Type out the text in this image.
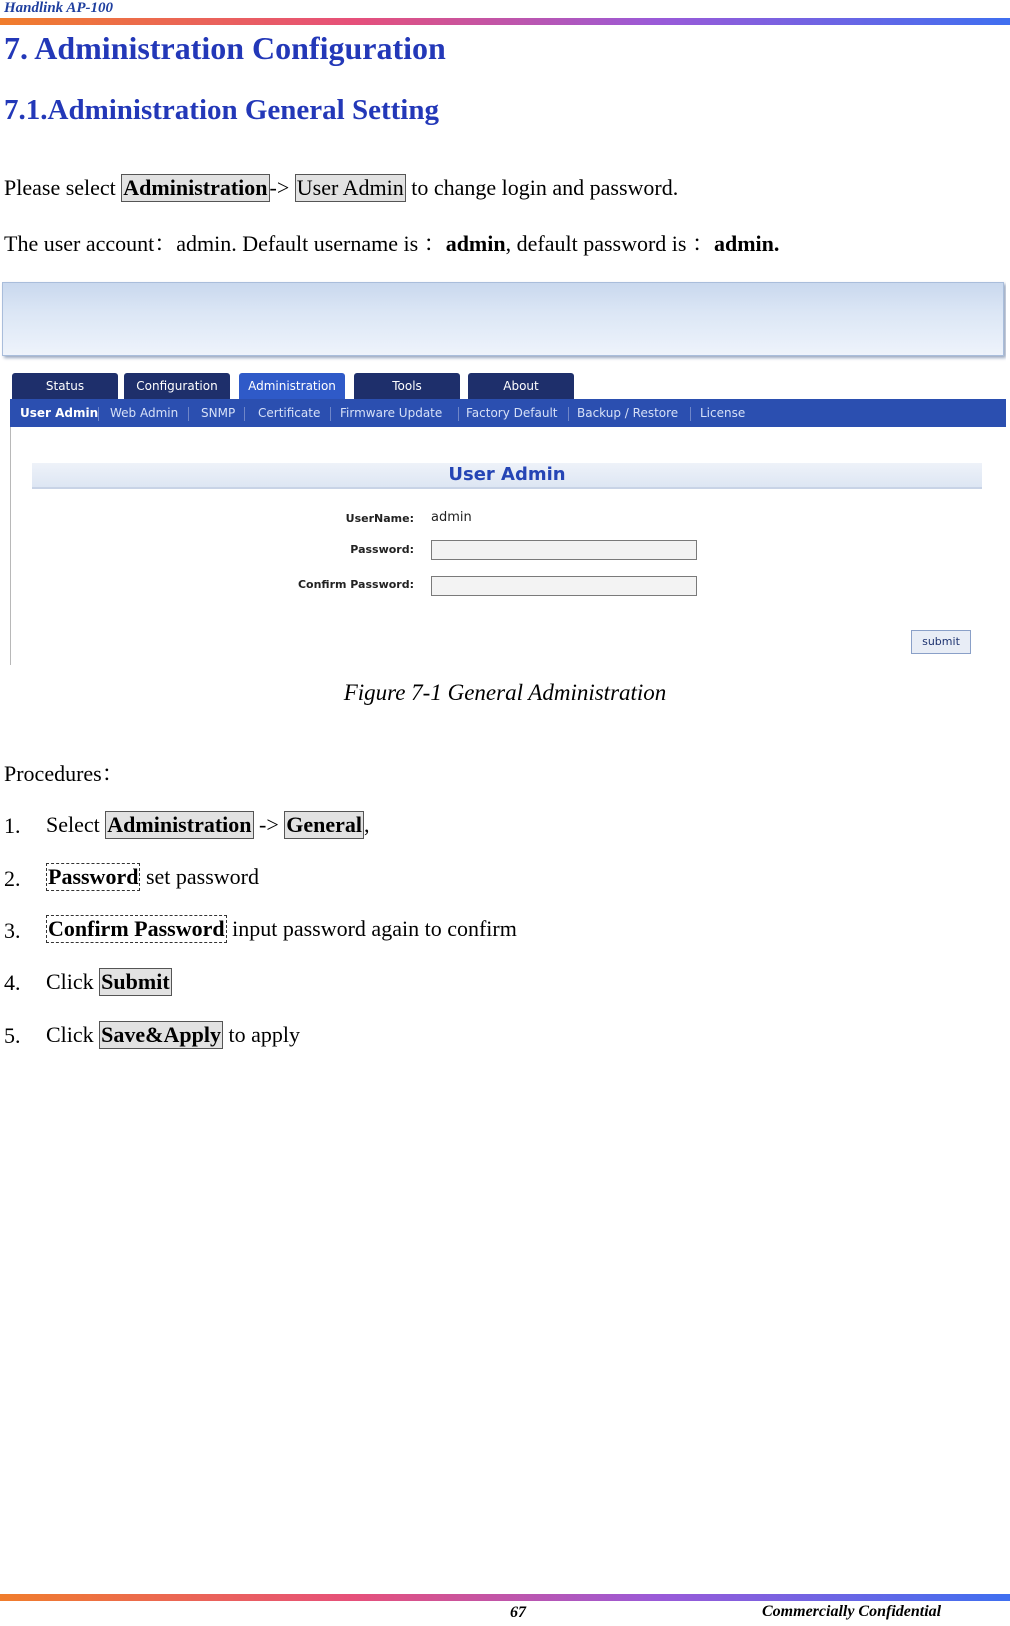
Handlink AP-100
7. Administration Configuration
7.1.Administration General Setting
Please select Administration-> User Admin to change login and password.
The user account：admin. Default username is ：admin, default password is ：admin.
Status	Configuration	Administration	Tools	About
User Admin Web Admin SNMP Certificate Firmware Update Factory Default Backup / Restore License
User Admin
UserName: admin
Password:
Confirm Password:
submit
Figure 7-1 General Administration
Procedures：
1. Select Administration -> General,
2. Password set password
3. Confirm Password input password again to confirm
4. Click Submit
5. Click Save&Apply to apply
67	Commercially Confidential
